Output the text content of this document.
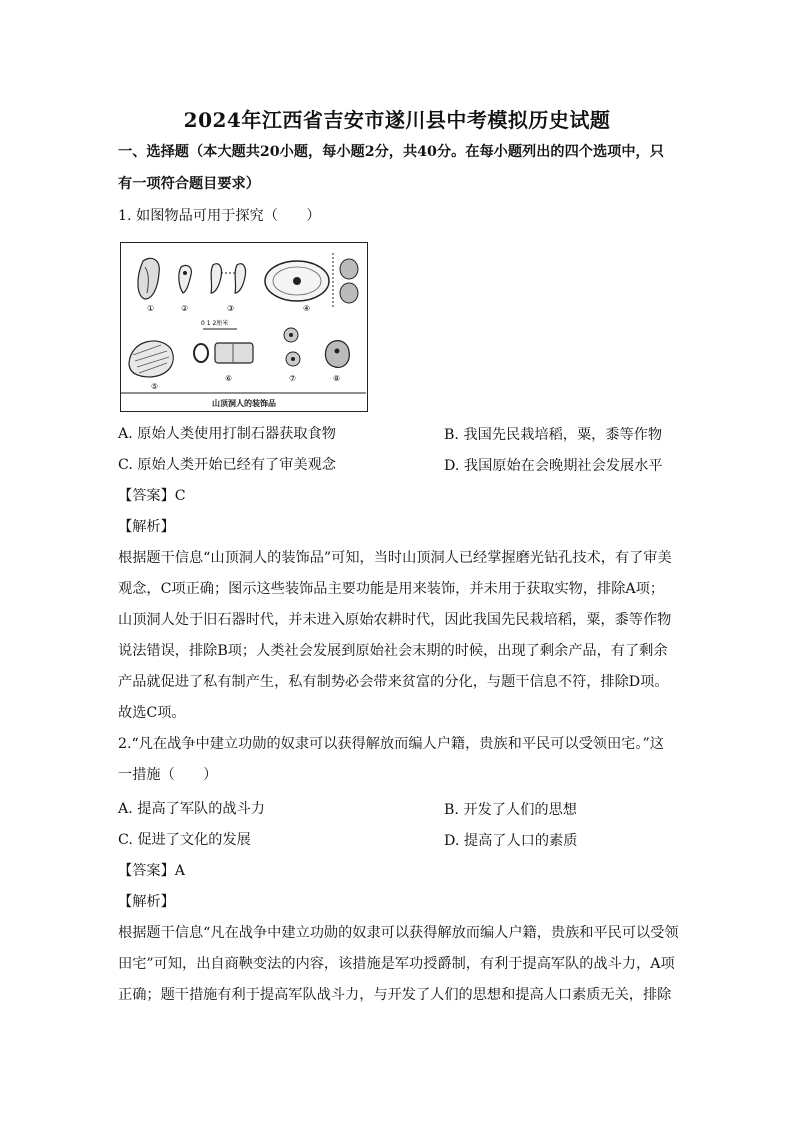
2024年江西省吉安市遂川县中考模拟历史试题
一、选择题（本大题共20小题，每小题2分，共40分。在每小题列出的四个选项中，只
有一项符合题目要求）
1. 如图物品可用于探究（　　）
①	②	③	④
0 1 2厘米
⑤
⑥	⑦	⑧
山顶洞人的装饰品
A. 原始人类使用打制石器获取食物	B. 我国先民栽培稻，粟，黍等作物
C. 原始人类开始已经有了审美观念	D. 我国原始在会晚期社会发展水平
【答案】C
【解析】
根据题干信息“山顶洞人的装饰品”可知，当时山顶洞人已经掌握磨光钻孔技术，有了审美
观念，C项正确；图示这些装饰品主要功能是用来装饰，并未用于获取实物，排除A项；
山顶洞人处于旧石器时代，并未进入原始农耕时代，因此我国先民栽培稻，粟，黍等作物
说法错误，排除B项；人类社会发展到原始社会末期的时候，出现了剩余产品，有了剩余
产品就促进了私有制产生，私有制势必会带来贫富的分化，与题干信息不符，排除D项。
故选C项。
2.“凡在战争中建立功勋的奴隶可以获得解放而编人户籍，贵族和平民可以受领田宅。”这
一措施（　　）
A. 提高了军队的战斗力	B. 开发了人们的思想
C. 促进了文化的发展	D. 提高了人口的素质
【答案】A
【解析】
根据题干信息“凡在战争中建立功勋的奴隶可以获得解放而编人户籍，贵族和平民可以受领
田宅”可知，出自商鞅变法的内容，该措施是军功授爵制，有利于提高军队的战斗力，A项
正确；题干措施有利于提高军队战斗力，与开发了人们的思想和提高人口素质无关，排除
